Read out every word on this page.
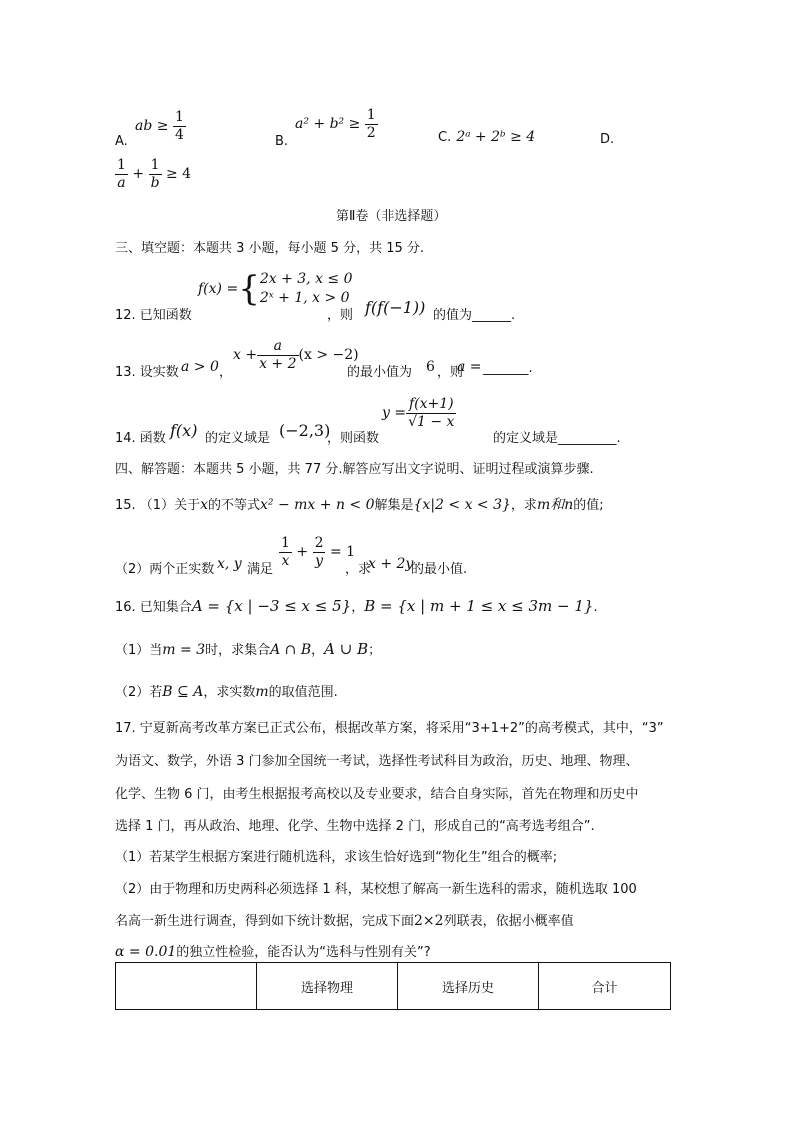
A.
ab ≥ $\frac{1}{4}$	B.
$a^2 + b^2 \ge \frac{1}{2}$	C. 2ᵃ + 2ᵇ ≥ 4	D.
$\frac{1}{a} + \frac{1}{b} \ge 4$
第Ⅱ卷（非选择题）
三、填空题：本题共 3 小题，每小题 5 分，共 15 分.
12. 已知函数
f(x) ={ 2x + 3, x ≤ 0
2ˣ + 1, x > 0
，则 f(f(−1)) 的值为______.
13. 设实数 a > 0 ，
$x + \frac{a}{x + 2} (x > -2)$
的最小值为 6 ，则
a = _______.
14. 函数 f(x) 的定义域是 (−2,3)
，则函数
$y = \frac{f(x+1)}{√1 - x}$
的定义域是_________.
四、解答题：本题共 5 小题，共 77 分.解答应写出文字说明、证明过程或演算步骤.
15. （1）关于x的不等式x² − mx + n < 0解集是{x|2 < x < 3}，求m和n的值;
（2）两个正实数 x, y 满足
$\frac{1}{x} + \frac{2}{y} = 1$
，求
x + 2y
的最小值.
16. 已知集合A = {x | −3 ≤ x ≤ 5}，B = {x | m + 1 ≤ x ≤ 3m − 1}.
（1）当m = 3时，求集合A ∩ B，A ∪ B；
（2）若B ⊆ A，求实数m的取值范围.
17. 宁夏新高考改革方案已正式公布，根据改革方案，将采用“3+1+2”的高考模式，其中，“3”
为语文、数学，外语 3 门参加全国统一考试，选择性考试科目为政治，历史、地理、物理、
化学、生物 6 门，由考生根据报考高校以及专业要求，结合自身实际，首先在物理和历史中
选择 1 门，再从政治、地理、化学、生物中选择 2 门，形成自己的“高考选考组合”.
（1）若某学生根据方案进行随机选科，求该生恰好选到“物化生”组合的概率;
（2）由于物理和历史两科必须选择 1 科，某校想了解高一新生选科的需求，随机选取 100
名高一新生进行调查，得到如下统计数据，完成下面2×2列联表，依据小概率值
α = 0.01的独立性检验，能否认为“选科与性别有关”?
	选择物理	选择历史	合计
